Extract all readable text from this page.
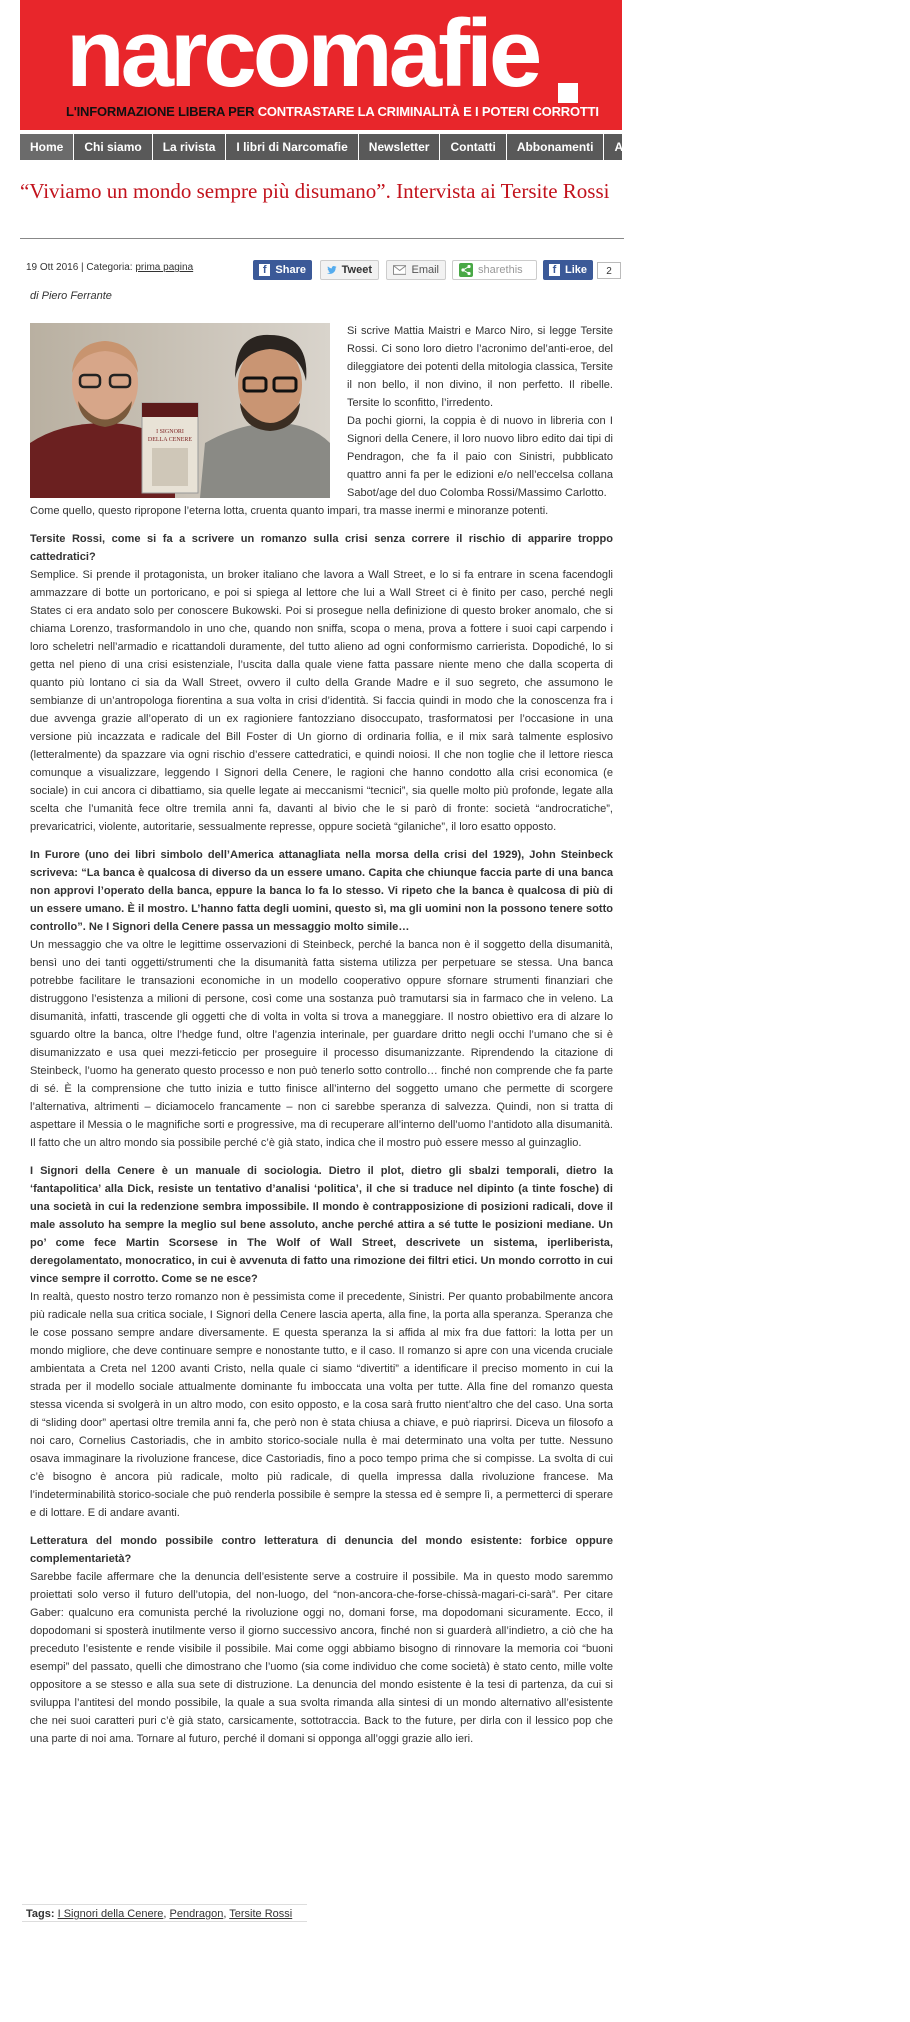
narcomafie
L'INFORMAZIONE LIBERA PER CONTRASTARE LA CRIMINALITÀ E I POTERI CORROTTI
Home	Chi siamo	La rivista	I libri di Narcomafie	Newsletter	Contatti	Abbonamenti	Accedi
“Viviamo un mondo sempre più disumano”. Intervista ai Tersite Rossi
19 Ott 2016 | Categoria: prima pagina	f Share	Tweet	Email	sharethis	f Like	2
di Piero Ferrante
I SIGNORI
DELLA CENERE

Si scrive Mattia Maistri e Marco Niro, si legge Tersite Rossi. Ci sono loro dietro l’acronimo del’anti-eroe, del dileggiatore dei potenti della mitologia classica, Tersite il non bello, il non divino, il non perfetto. Il ribelle. Tersite lo sconfitto, l’irredento.

Da pochi giorni, la coppia è di nuovo in libreria con I Signori della Cenere, il loro nuovo libro edito dai tipi di Pendragon, che fa il paio con Sinistri, pubblicato quattro anni fa per le edizioni e/o nell’eccelsa collana Sabot/age del duo Colomba Rossi/Massimo Carlotto.

Come quello, questo ripropone l’eterna lotta, cruenta quanto impari, tra masse inermi e minoranze potenti.

Tersite Rossi, come si fa a scrivere un romanzo sulla crisi senza correre il rischio di apparire troppo cattedratici?

Semplice. Si prende il protagonista, un broker italiano che lavora a Wall Street, e lo si fa entrare in scena facendogli ammazzare di botte un portoricano, e poi si spiega al lettore che lui a Wall Street ci è finito per caso, perché negli States ci era andato solo per conoscere Bukowski. Poi si prosegue nella definizione di questo broker anomalo, che si chiama Lorenzo, trasformandolo in uno che, quando non sniffa, scopa o mena, prova a fottere i suoi capi carpendo i loro scheletri nell’armadio e ricattandoli duramente, del tutto alieno ad ogni conformismo carrierista. Dopodiché, lo si getta nel pieno di una crisi esistenziale, l’uscita dalla quale viene fatta passare niente meno che dalla scoperta di quanto più lontano ci sia da Wall Street, ovvero il culto della Grande Madre e il suo segreto, che assumono le sembianze di un’antropologa fiorentina a sua volta in crisi d’identità. Si faccia quindi in modo che la conoscenza fra i due avvenga grazie all’operato di un ex ragioniere fantozziano disoccupato, trasformatosi per l’occasione in una versione più incazzata e radicale del Bill Foster di Un giorno di ordinaria follia, e il mix sarà talmente esplosivo (letteralmente) da spazzare via ogni rischio d’essere cattedratici, e quindi noiosi. Il che non toglie che il lettore riesca comunque a visualizzare, leggendo I Signori della Cenere, le ragioni che hanno condotto alla crisi economica (e sociale) in cui ancora ci dibattiamo, sia quelle legate ai meccanismi “tecnici”, sia quelle molto più profonde, legate alla scelta che l’umanità fece oltre tremila anni fa, davanti al bivio che le si parò di fronte: società “androcratiche”, prevaricatrici, violente, autoritarie, sessualmente represse, oppure società “gilaniche”, il loro esatto opposto.

In Furore (uno dei libri simbolo dell’America attanagliata nella morsa della crisi del 1929), John Steinbeck scriveva: “La banca è qualcosa di diverso da un essere umano. Capita che chiunque faccia parte di una banca non approvi l’operato della banca, eppure la banca lo fa lo stesso. Vi ripeto che la banca è qualcosa di più di un essere umano. È il mostro. L’hanno fatta degli uomini, questo sì, ma gli uomini non la possono tenere sotto controllo”. Ne I Signori della Cenere passa un messaggio molto simile…

Un messaggio che va oltre le legittime osservazioni di Steinbeck, perché la banca non è il soggetto della disumanità, bensì uno dei tanti oggetti/strumenti che la disumanità fatta sistema utilizza per perpetuare se stessa. Una banca potrebbe facilitare le transazioni economiche in un modello cooperativo oppure sfornare strumenti finanziari che distruggono l’esistenza a milioni di persone, così come una sostanza può tramutarsi sia in farmaco che in veleno. La disumanità, infatti, trascende gli oggetti che di volta in volta si trova a maneggiare. Il nostro obiettivo era di alzare lo sguardo oltre la banca, oltre l’hedge fund, oltre l’agenzia interinale, per guardare dritto negli occhi l’umano che si è disumanizzato e usa quei mezzi-feticcio per proseguire il processo disumanizzante. Riprendendo la citazione di Steinbeck, l’uomo ha generato questo processo e non può tenerlo sotto controllo… finché non comprende che fa parte di sé. È la comprensione che tutto inizia e tutto finisce all’interno del soggetto umano che permette di scorgere l’alternativa, altrimenti – diciamocelo francamente – non ci sarebbe speranza di salvezza. Quindi, non si tratta di aspettare il Messia o le magnifiche sorti e progressive, ma di recuperare all’interno dell’uomo l’antidoto alla disumanità. Il fatto che un altro mondo sia possibile perché c’è già stato, indica che il mostro può essere messo al guinzaglio.

I Signori della Cenere è un manuale di sociologia. Dietro il plot, dietro gli sbalzi temporali, dietro la ‘fantapolitica’ alla Dick, resiste un tentativo d’analisi ‘politica’, il che si traduce nel dipinto (a tinte fosche) di una società in cui la redenzione sembra impossibile. Il mondo è contrapposizione di posizioni radicali, dove il male assoluto ha sempre la meglio sul bene assoluto, anche perché attira a sé tutte le posizioni mediane. Un po’ come fece Martin Scorsese in The Wolf of Wall Street, descrivete un sistema, iperliberista, deregolamentato, monocratico, in cui è avvenuta di fatto una rimozione dei filtri etici. Un mondo corrotto in cui vince sempre il corrotto. Come se ne esce?

In realtà, questo nostro terzo romanzo non è pessimista come il precedente, Sinistri. Per quanto probabilmente ancora più radicale nella sua critica sociale, I Signori della Cenere lascia aperta, alla fine, la porta alla speranza. Speranza che le cose possano sempre andare diversamente. E questa speranza la si affida al mix fra due fattori: la lotta per un mondo migliore, che deve continuare sempre e nonostante tutto, e il caso. Il romanzo si apre con una vicenda cruciale ambientata a Creta nel 1200 avanti Cristo, nella quale ci siamo “divertiti” a identificare il preciso momento in cui la strada per il modello sociale attualmente dominante fu imboccata una volta per tutte. Alla fine del romanzo questa stessa vicenda si svolgerà in un altro modo, con esito opposto, e la cosa sarà frutto nient’altro che del caso. Una sorta di “sliding door” apertasi oltre tremila anni fa, che però non è stata chiusa a chiave, e può riaprirsi. Diceva un filosofo a noi caro, Cornelius Castoriadis, che in ambito storico-sociale nulla è mai determinato una volta per tutte. Nessuno osava immaginare la rivoluzione francese, dice Castoriadis, fino a poco tempo prima che si compisse. La svolta di cui c’è bisogno è ancora più radicale, molto più radicale, di quella impressa dalla rivoluzione francese. Ma l’indeterminabilità storico-sociale che può renderla possibile è sempre la stessa ed è sempre lì, a permetterci di sperare e di lottare. E di andare avanti.

Letteratura del mondo possibile contro letteratura di denuncia del mondo esistente: forbice oppure complementarietà?

Sarebbe facile affermare che la denuncia dell’esistente serve a costruire il possibile. Ma in questo modo saremmo proiettati solo verso il futuro dell’utopia, del non-luogo, del “non-ancora-che-forse-chissà-magari-ci-sarà”. Per citare Gaber: qualcuno era comunista perché la rivoluzione oggi no, domani forse, ma dopodomani sicuramente. Ecco, il dopodomani si sposterà inutilmente verso il giorno successivo ancora, finché non si guarderà all’indietro, a ciò che ha preceduto l’esistente e rende visibile il possibile. Mai come oggi abbiamo bisogno di rinnovare la memoria coi “buoni esempi” del passato, quelli che dimostrano che l’uomo (sia come individuo che come società) è stato cento, mille volte oppositore a se stesso e alla sua sete di distruzione. La denuncia del mondo esistente è la tesi di partenza, da cui si sviluppa l’antitesi del mondo possibile, la quale a sua svolta rimanda alla sintesi di un mondo alternativo all’esistente che nei suoi caratteri puri c’è già stato, carsicamente, sottotraccia. Back to the future, per dirla con il lessico pop che una parte di noi ama. Tornare al futuro, perché il domani si opponga all’oggi grazie allo ieri.

Tags: I Signori della Cenere, Pendragon, Tersite Rossi
